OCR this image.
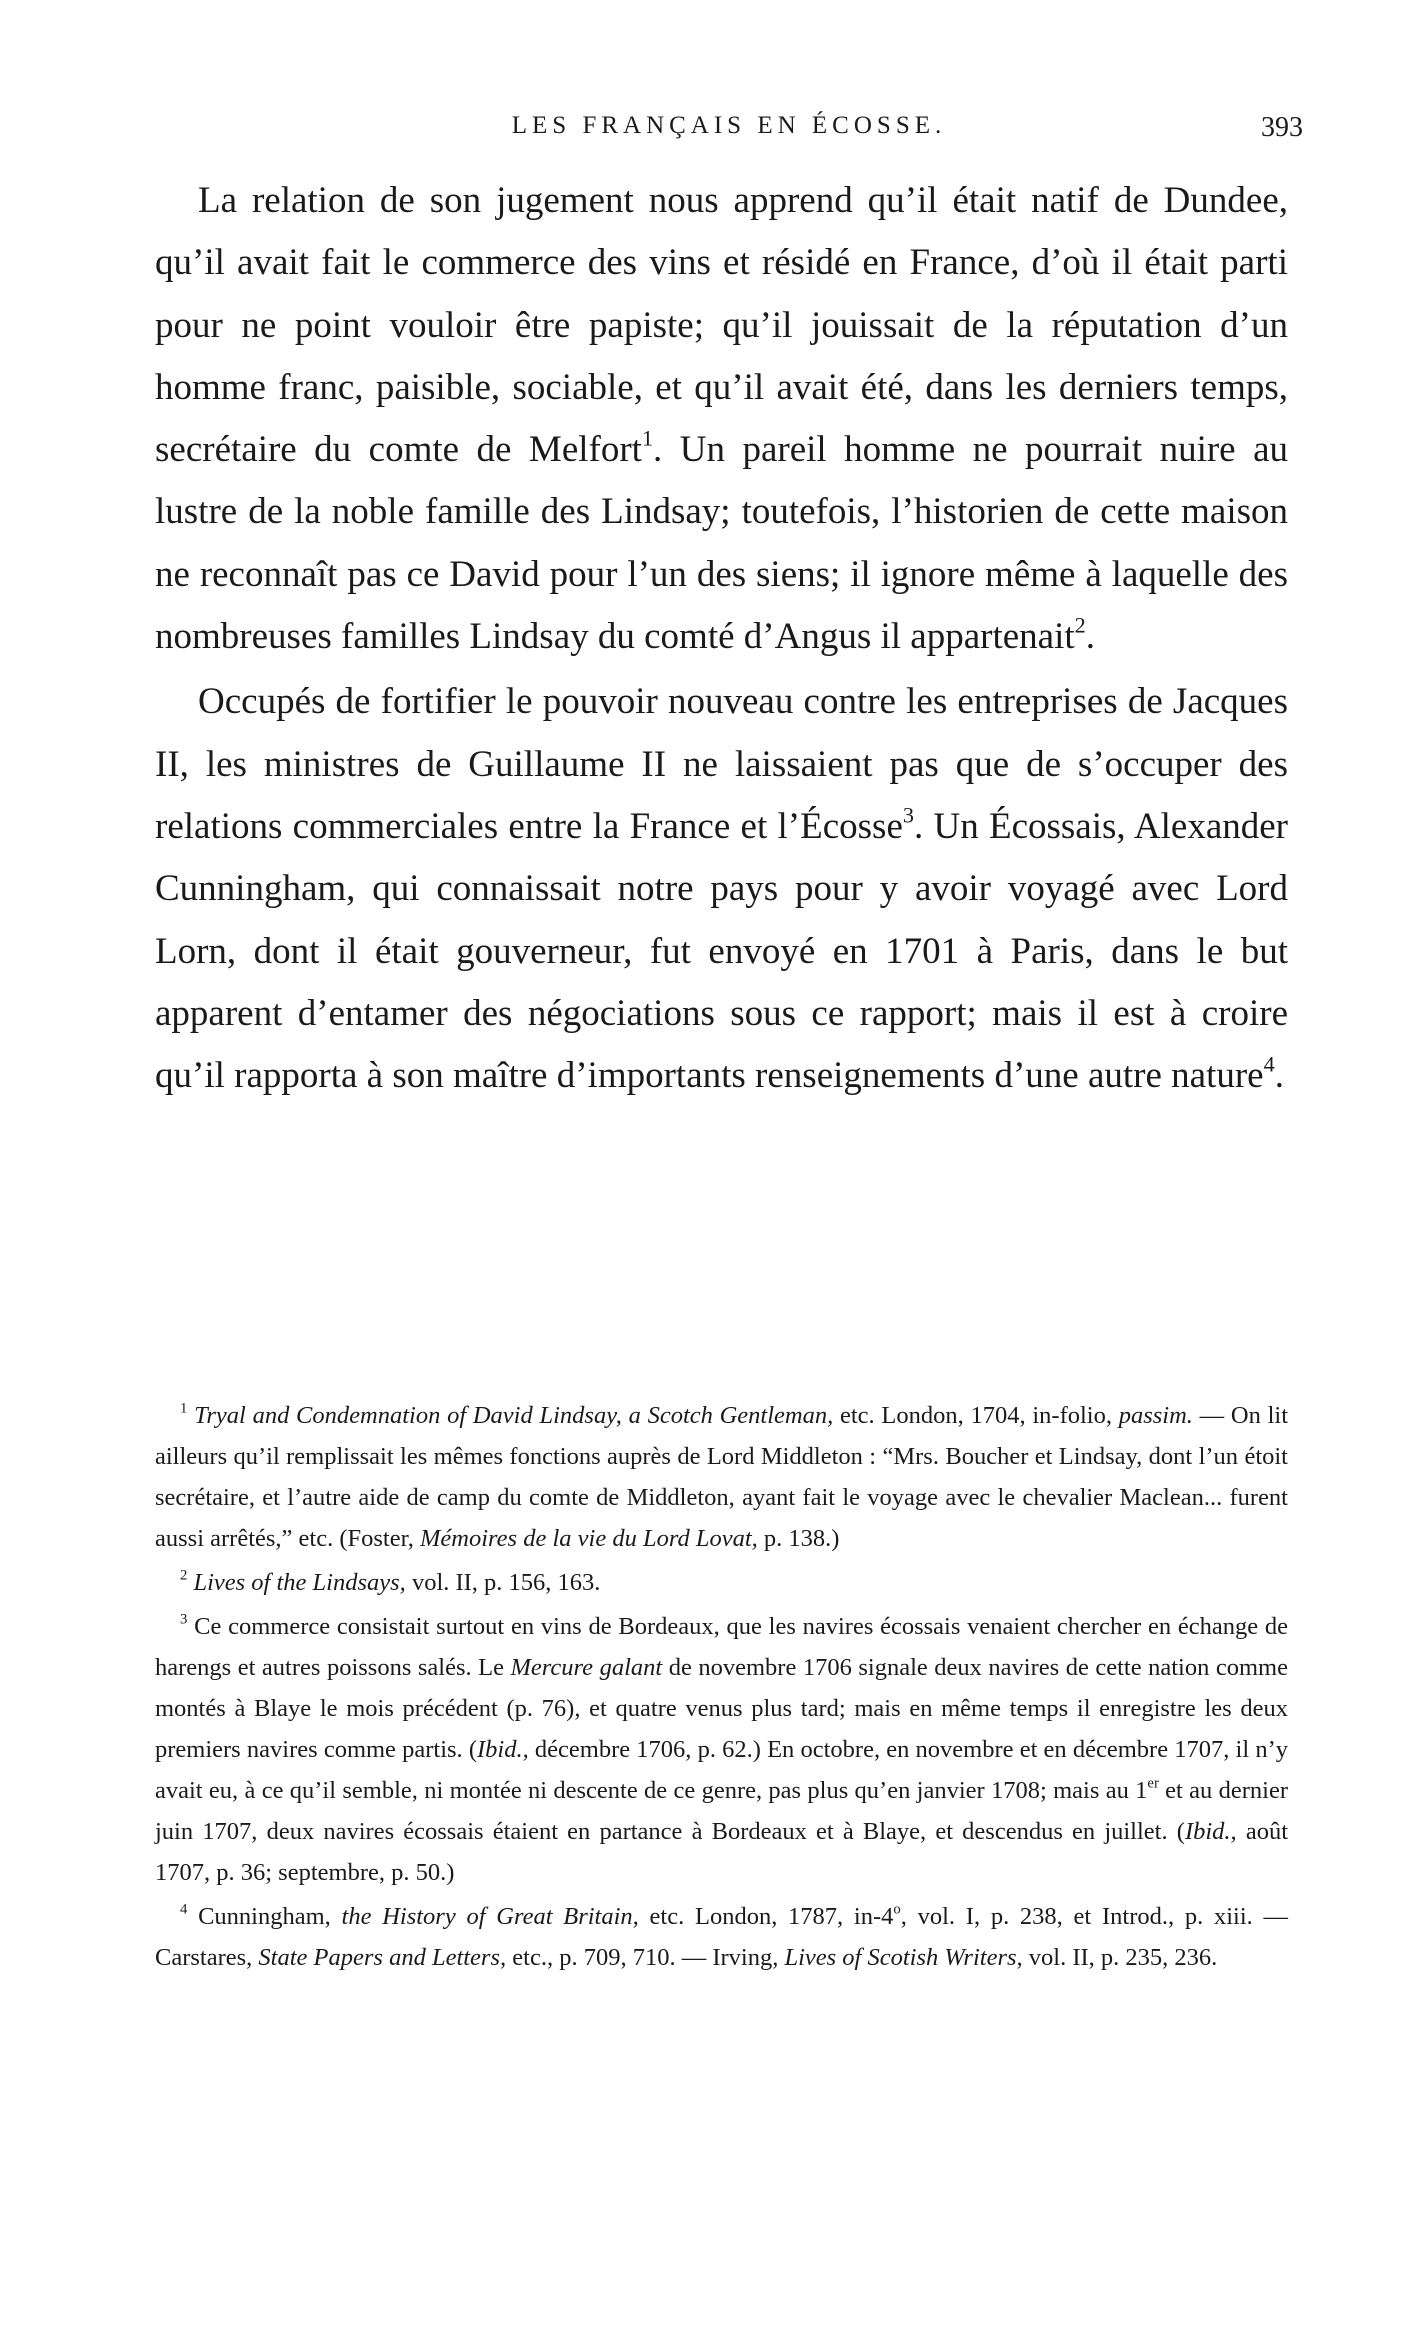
LES FRANÇAIS EN ÉCOSSE.	393

La relation de son jugement nous apprend qu’il était natif de Dundee, qu’il avait fait le commerce des vins et résidé en France, d’où il était parti pour ne point vouloir être papiste; qu’il jouissait de la réputation d’un homme franc, paisible, sociable, et qu’il avait été, dans les derniers temps, secrétaire du comte de Melfort$^1$. Un pareil homme ne pourrait nuire au lustre de la noble famille des Lindsay; toutefois, l’historien de cette maison ne reconnaît pas ce David pour l’un des siens; il ignore même à laquelle des nombreuses familles Lindsay du comté d’Angus il appartenait$^2$.

Occupés de fortifier le pouvoir nouveau contre les entreprises de Jacques II, les ministres de Guillaume II ne laissaient pas que de s’occuper des relations commerciales entre la France et l’Écosse$^3$. Un Écossais, Alexander Cunningham, qui connaissait notre pays pour y avoir voyagé avec Lord Lorn, dont il était gouverneur, fut envoyé en 1701 à Paris, dans le but apparent d’entamer des négociations sous ce rapport; mais il est à croire qu’il rapporta à son maître d’importants renseignements d’une autre nature$^4$.

$^1$ Tryal and Condemnation of David Lindsay, a Scotch Gentleman, etc. London, 1704, in-folio, passim. — On lit ailleurs qu’il remplissait les mêmes fonctions auprès de Lord Middleton : “Mrs. Boucher et Lindsay, dont l’un étoit secrétaire, et l’autre aide de camp du comte de Middleton, ayant fait le voyage avec le chevalier Maclean... furent aussi arrêtés,” etc. (Foster, Mémoires de la vie du Lord Lovat, p. 138.)

$^2$ Lives of the Lindsays, vol. II, p. 156, 163.

$^3$ Ce commerce consistait surtout en vins de Bordeaux, que les navires écossais venaient chercher en échange de harengs et autres poissons salés. Le Mercure galant de novembre 1706 signale deux navires de cette nation comme montés à Blaye le mois précédent (p. 76), et quatre venus plus tard; mais en même temps il enregistre les deux premiers navires comme partis. (Ibid., décembre 1706, p. 62.) En octobre, en novembre et en décembre 1707, il n’y avait eu, à ce qu’il semble, ni montée ni descente de ce genre, pas plus qu’en janvier 1708; mais au 1er et au dernier juin 1707, deux navires écossais étaient en partance à Bordeaux et à Blaye, et descendus en juillet. (Ibid., août 1707, p. 36; septembre, p. 50.)

$^4$ Cunningham, the History of Great Britain, etc. London, 1787, in-4$^o$, vol. I, p. 238, et Introd., p. xiii. — Carstares, State Papers and Letters, etc., p. 709, 710. — Irving, Lives of Scotish Writers, vol. II, p. 235, 236.
